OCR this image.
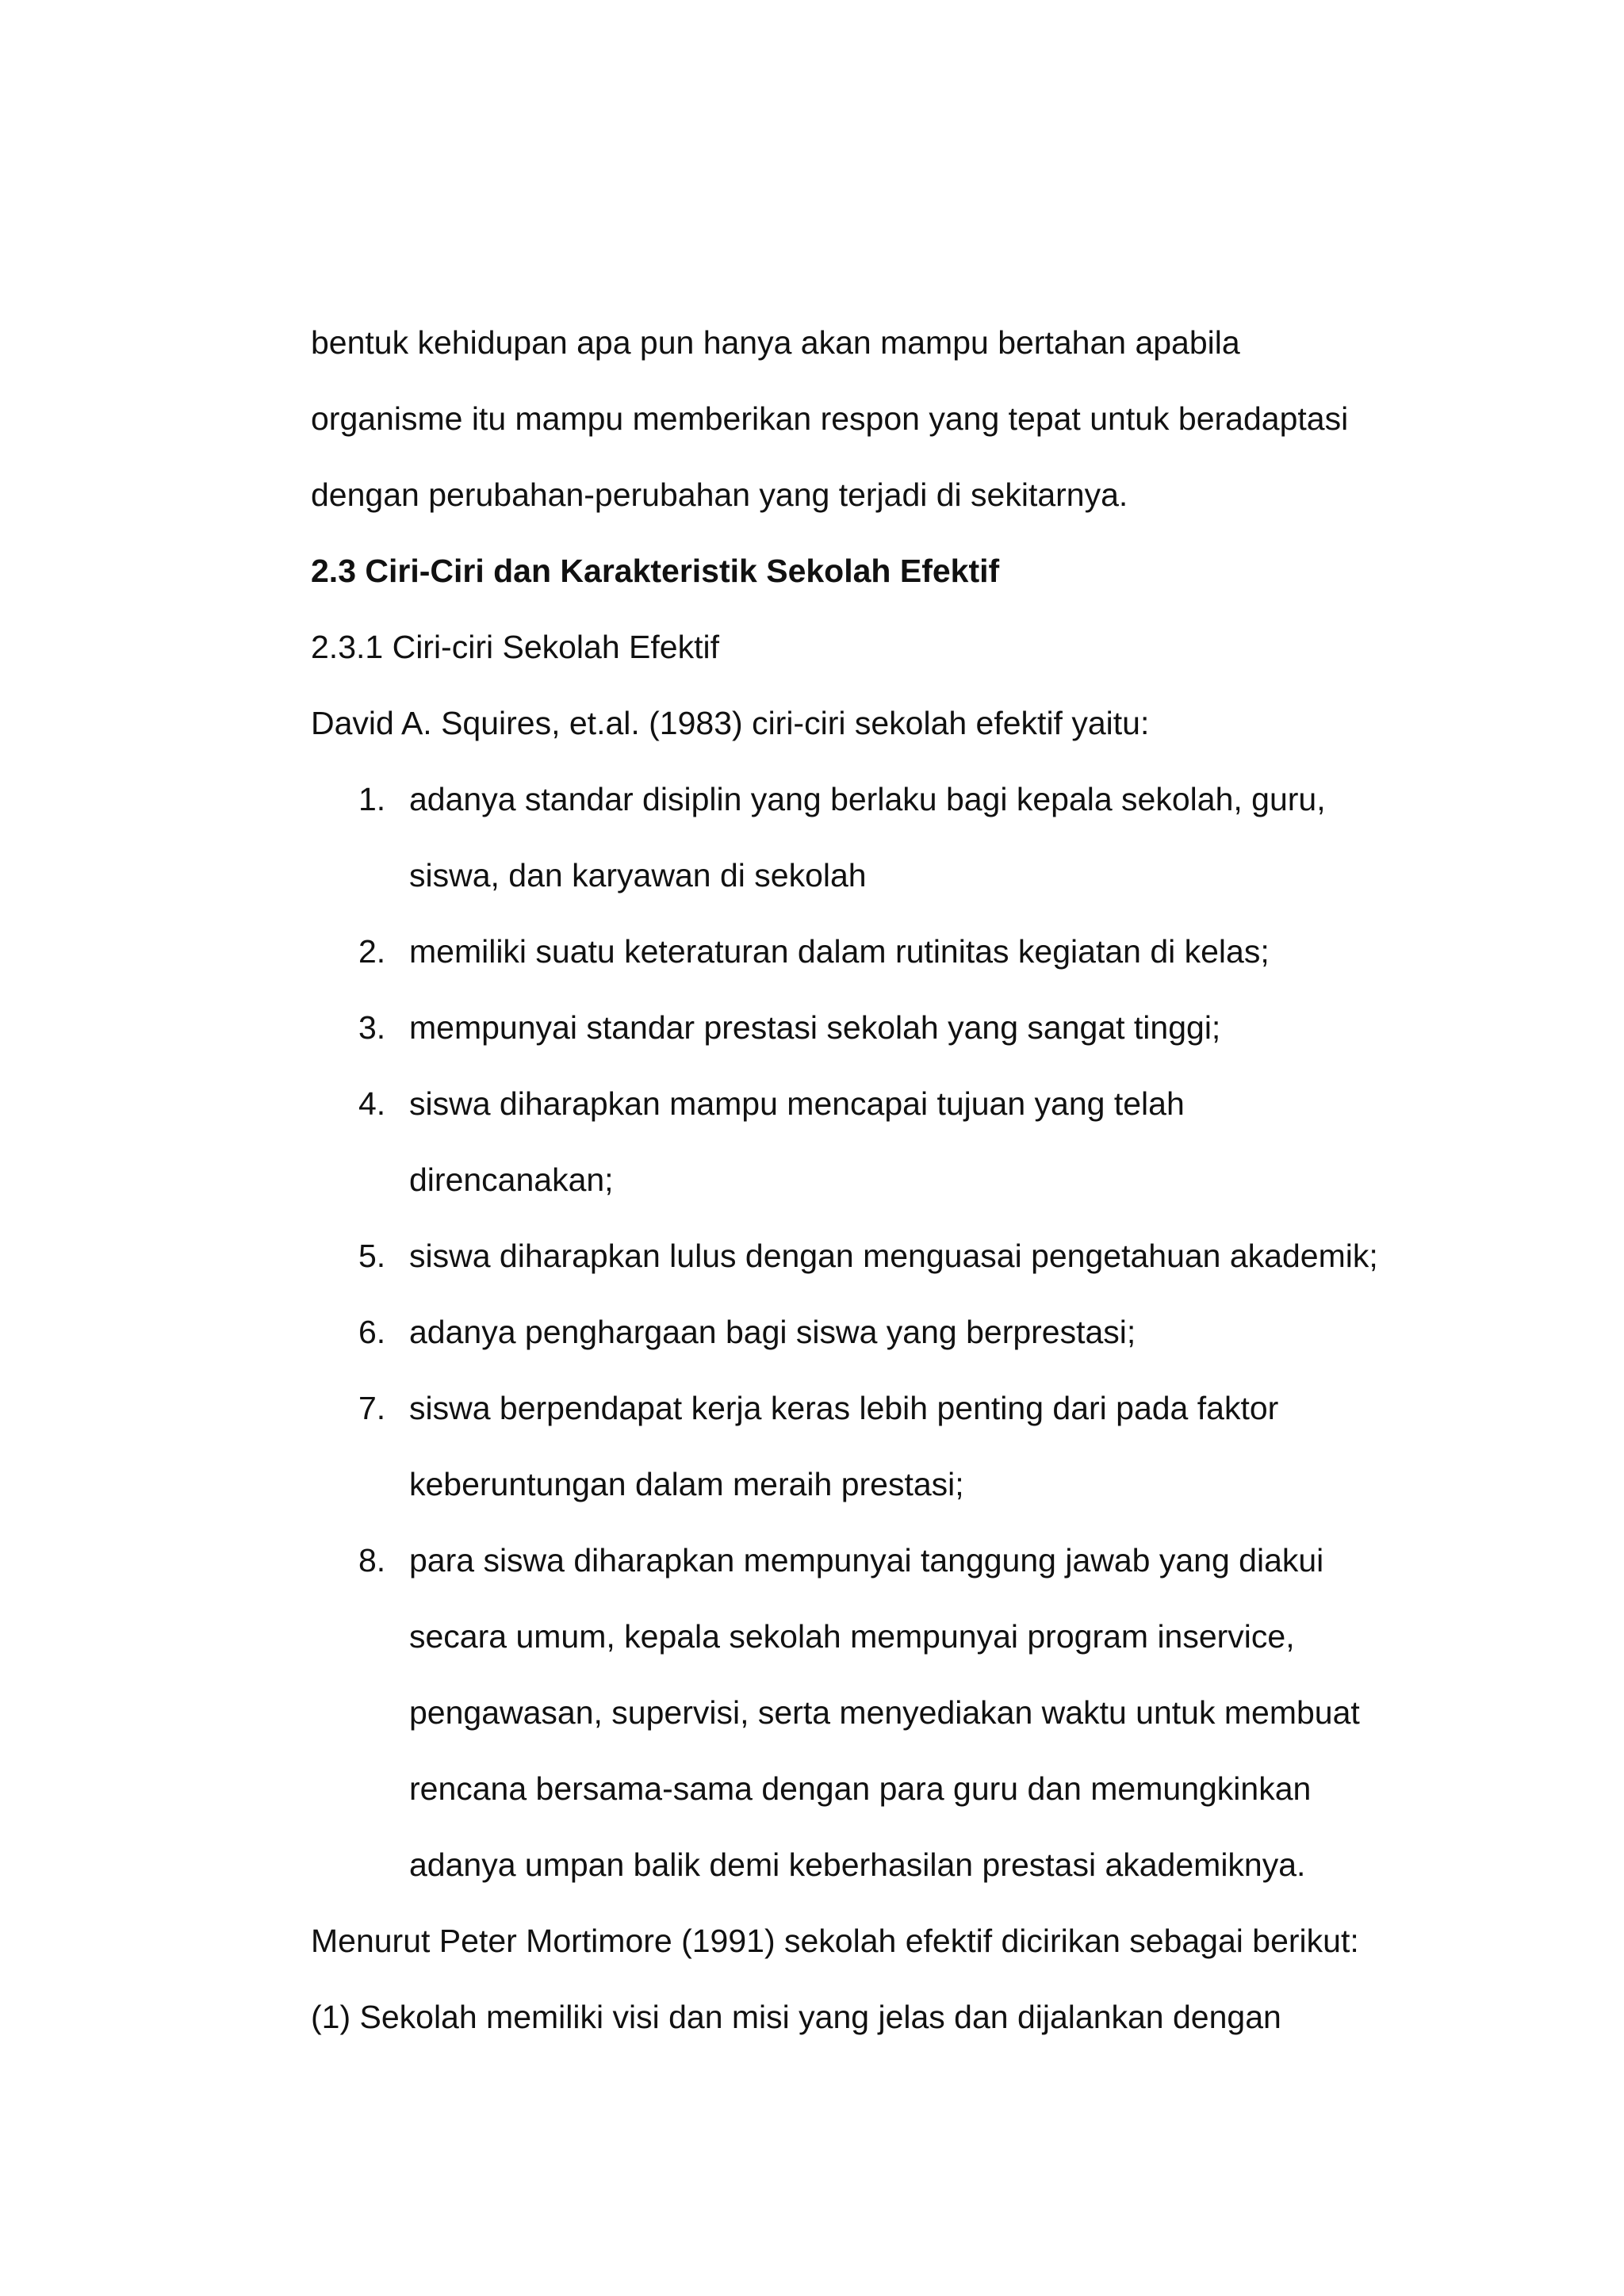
bentuk kehidupan apa pun hanya akan mampu bertahan apabila

organisme itu mampu memberikan respon yang tepat untuk beradaptasi

dengan perubahan-perubahan yang terjadi di sekitarnya.

2.3 Ciri-Ciri dan Karakteristik Sekolah Efektif
2.3.1 Ciri-ciri Sekolah Efektif

David A. Squires, et.al. (1983) ciri-ciri sekolah efektif yaitu:

1. adanya standar disiplin yang berlaku bagi kepala sekolah, guru,

siswa, dan karyawan di sekolah

2. memiliki suatu keteraturan dalam rutinitas kegiatan di kelas;

3. mempunyai standar prestasi sekolah yang sangat tinggi;

4. siswa diharapkan mampu mencapai tujuan yang telah

direncanakan;

5. siswa diharapkan lulus dengan menguasai pengetahuan akademik;

6. adanya penghargaan bagi siswa yang berprestasi;

7. siswa berpendapat kerja keras lebih penting dari pada faktor

keberuntungan dalam meraih prestasi;

8. para siswa diharapkan mempunyai tanggung jawab yang diakui

secara umum, kepala sekolah mempunyai program inservice,

pengawasan, supervisi, serta menyediakan waktu untuk membuat

rencana bersama-sama dengan para guru dan memungkinkan

adanya umpan balik demi keberhasilan prestasi akademiknya.

Menurut Peter Mortimore (1991) sekolah efektif dicirikan sebagai berikut:

(1) Sekolah memiliki visi dan misi yang jelas dan dijalankan dengan
